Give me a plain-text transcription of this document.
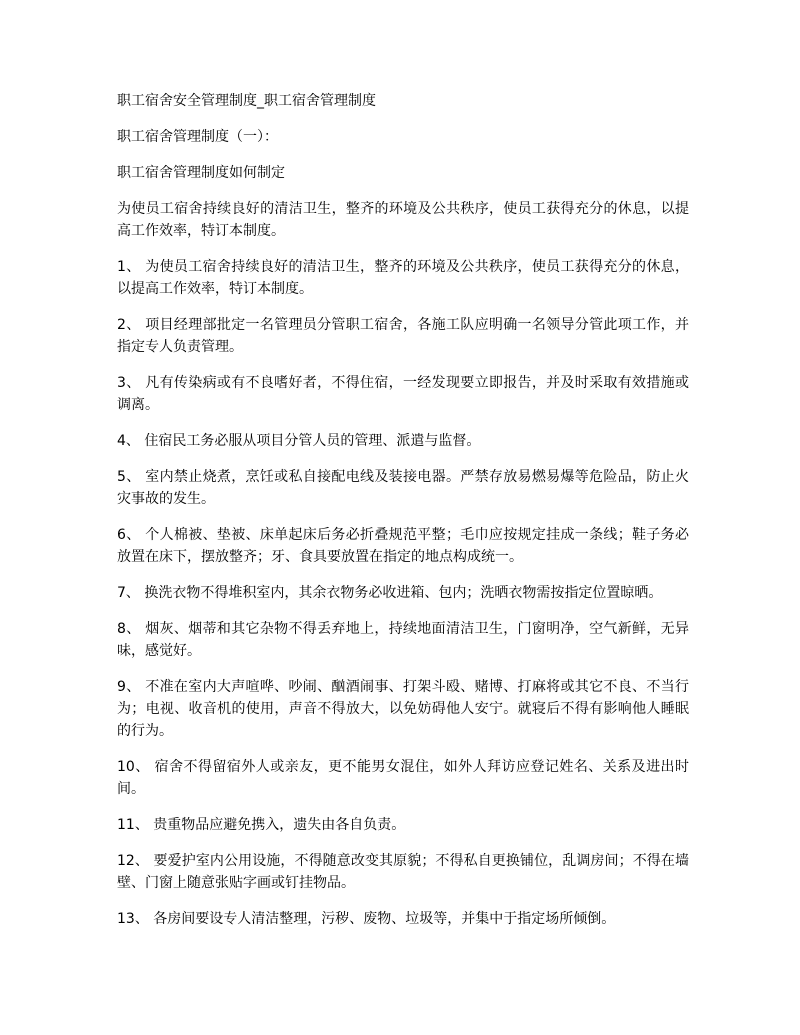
职工宿舍安全管理制度_职工宿舍管理制度

职工宿舍管理制度（一）：

职工宿舍管理制度如何制定

为使员工宿舍持续良好的清洁卫生，整齐的环境及公共秩序，使员工获得充分的休息，以提高工作效率，特订本制度。

1、 为使员工宿舍持续良好的清洁卫生，整齐的环境及公共秩序，使员工获得充分的休息，以提高工作效率，特订本制度。

2、 项目经理部批定一名管理员分管职工宿舍，各施工队应明确一名领导分管此项工作，并指定专人负责管理。

3、 凡有传染病或有不良嗜好者，不得住宿，一经发现要立即报告，并及时采取有效措施或调离。

4、 住宿民工务必服从项目分管人员的管理、派遣与监督。

5、 室内禁止烧煮，烹饪或私自接配电线及装接电器。严禁存放易燃易爆等危险品，防止火灾事故的发生。

6、 个人棉被、垫被、床单起床后务必折叠规范平整；毛巾应按规定挂成一条线；鞋子务必放置在床下，摆放整齐；牙、食具要放置在指定的地点构成统一。

7、 换洗衣物不得堆积室内，其余衣物务必收进箱、包内；洗晒衣物需按指定位置晾晒。

8、 烟灰、烟蒂和其它杂物不得丢弃地上，持续地面清洁卫生，门窗明净，空气新鲜，无异味，感觉好。

9、 不准在室内大声喧哗、吵闹、酗酒闹事、打架斗殴、赌博、打麻将或其它不良、不当行为；电视、收音机的使用，声音不得放大，以免妨碍他人安宁。就寝后不得有影响他人睡眠的行为。

10、 宿舍不得留宿外人或亲友，更不能男女混住，如外人拜访应登记姓名、关系及进出时间。

11、 贵重物品应避免携入，遗失由各自负责。

12、 要爱护室内公用设施，不得随意改变其原貌；不得私自更换铺位，乱调房间；不得在墙壁、门窗上随意张贴字画或钉挂物品。

13、 各房间要设专人清洁整理，污秽、废物、垃圾等，并集中于指定场所倾倒。
